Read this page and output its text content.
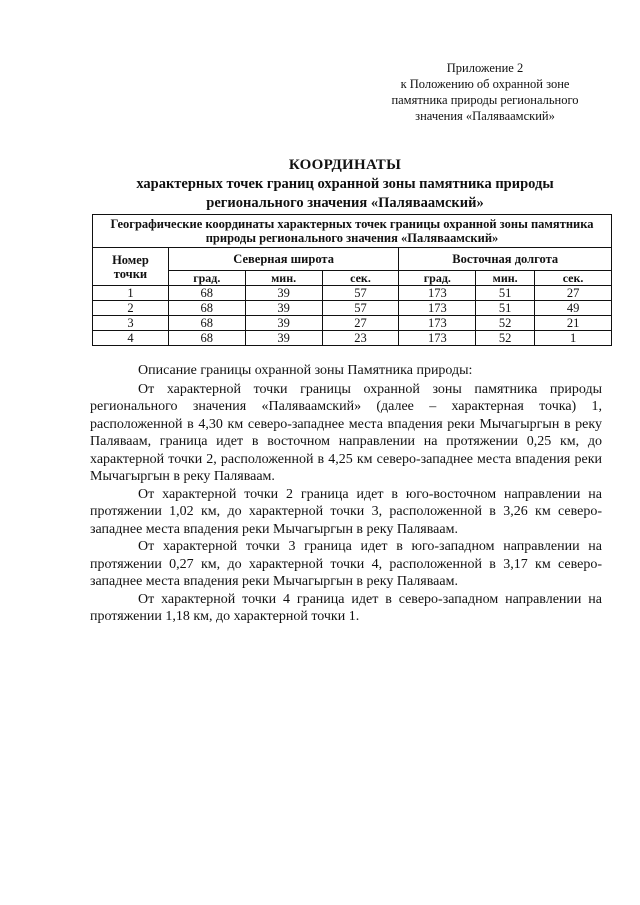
Приложение 2
к Положению об охранной зоне
памятника природы регионального
значения «Паляваамский»
КООРДИНАТЫ
характерных точек границ охранной зоны памятника природы
регионального значения «Паляваамский»
Географические координаты характерных точек границы охранной зоны памятника
природы регионального значения «Паляваамский»						
Номер
точки	Северная широта			Восточная долгота		
	град.	мин.	сек.	град.	мин.	сек.
1	68	39	57	173	51	27
2	68	39	57	173	51	49
3	68	39	27	173	52	21
4	68	39	23	173	52	1

Описание границы охранной зоны Памятника природы:

От характерной точки границы охранной зоны памятника природы регионального значения «Паляваамский» (далее – характерная точка) 1, расположенной в 4,30 км северо-западнее места впадения реки Мычагыргын в реку Паляваам, граница идет в восточном направлении на протяжении 0,25 км, до характерной точки 2, расположенной в 4,25 км северо-западнее места впадения реки Мычагыргын в реку Паляваам.

От характерной точки 2 граница идет в юго-восточном направлении на протяжении 1,02 км, до характерной точки 3, расположенной в 3,26 км северо-западнее места впадения реки Мычагыргын в реку Паляваам.

От характерной точки 3 граница идет в юго-западном направлении на протяжении 0,27 км, до характерной точки 4, расположенной в 3,17 км северо-западнее места впадения реки Мычагыргын в реку Паляваам.

От характерной точки 4 граница идет в северо-западном направлении на протяжении 1,18 км, до характерной точки 1.
